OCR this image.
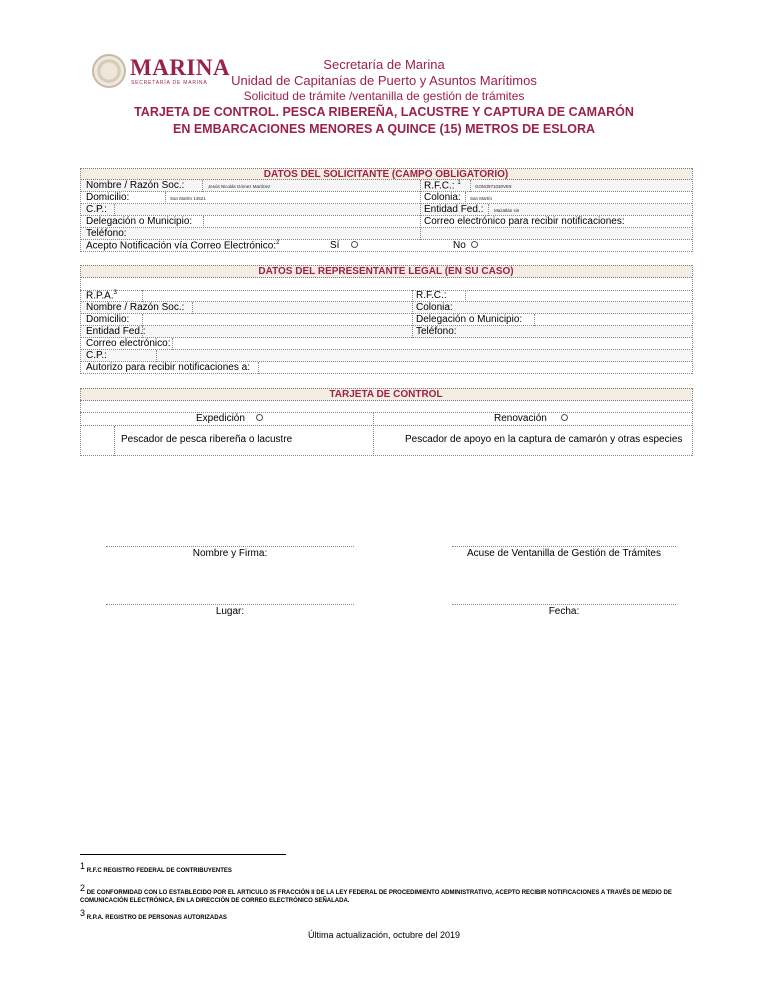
MARINA
SECRETARÍA DE MARINA
Secretaría de Marina
Unidad de Capitanías de Puerto y Asuntos Marítimos
Solicitud de trámite /ventanilla de gestión de trámites
TARJETA DE CONTROL. PESCA RIBEREÑA, LACUSTRE Y CAPTURA DE CAMARÓN
EN EMBARCACIONES MENORES A QUINCE (15) METROS DE ESLORA
DATOS DEL SOLICITANTE (CAMPO OBLIGATORIO)
Nombre / Razón Soc.:	Jesús Nicolás Gómez Martínez	R.F.C.: $^1$
GOMJ971030VE9
Domicilio:	San Martín 14521	Colonia: San Martín
C.P.:	Entidad Fed.: Mazatlán sin
Delegación o Municipio:	Correo electrónico para recibir notificaciones:
Teléfono:
Acepto Notificación vía Correo Electrónico:$^2$	Sí	No
DATOS DEL REPRESENTANTE LEGAL (EN SU CASO)
R.P.A.$^3$	R.F.C.:
Nombre / Razón Soc.:	Colonia:
Domicilio:	Delegación o Municipio:
Entidad Fed.:	Teléfono:
Correo electrónico:
C.P.:
Autorizo para recibir notificaciones a:
TARJETA DE CONTROL
Expedición	Renovación
Pescador de pesca ribereña o lacustre	Pescador de apoyo en la captura de camarón y otras especies
Nombre y Firma:	Acuse de Ventanilla de Gestión de Trámites
Lugar:	Fecha:
$^1$ R.F.C REGISTRO FEDERAL DE CONTRIBUYENTES
$^2$ DE CONFORMIDAD CON LO ESTABLECIDO POR EL ARTICULO 35 FRACCIÓN II DE LA LEY FEDERAL DE PROCEDIMIENTO ADMINISTRATIVO, ACEPTO RECIBIR NOTIFICACIONES A TRAVÉS DE MEDIO DE
COMUNICACIÓN ELECTRÓNICA, EN LA DIRECCIÓN DE CORREO ELECTRÓNICO SEÑALADA.
$^3$ R.P.A. REGISTRO DE PERSONAS AUTORIZADAS
Última actualización, octubre del 2019
